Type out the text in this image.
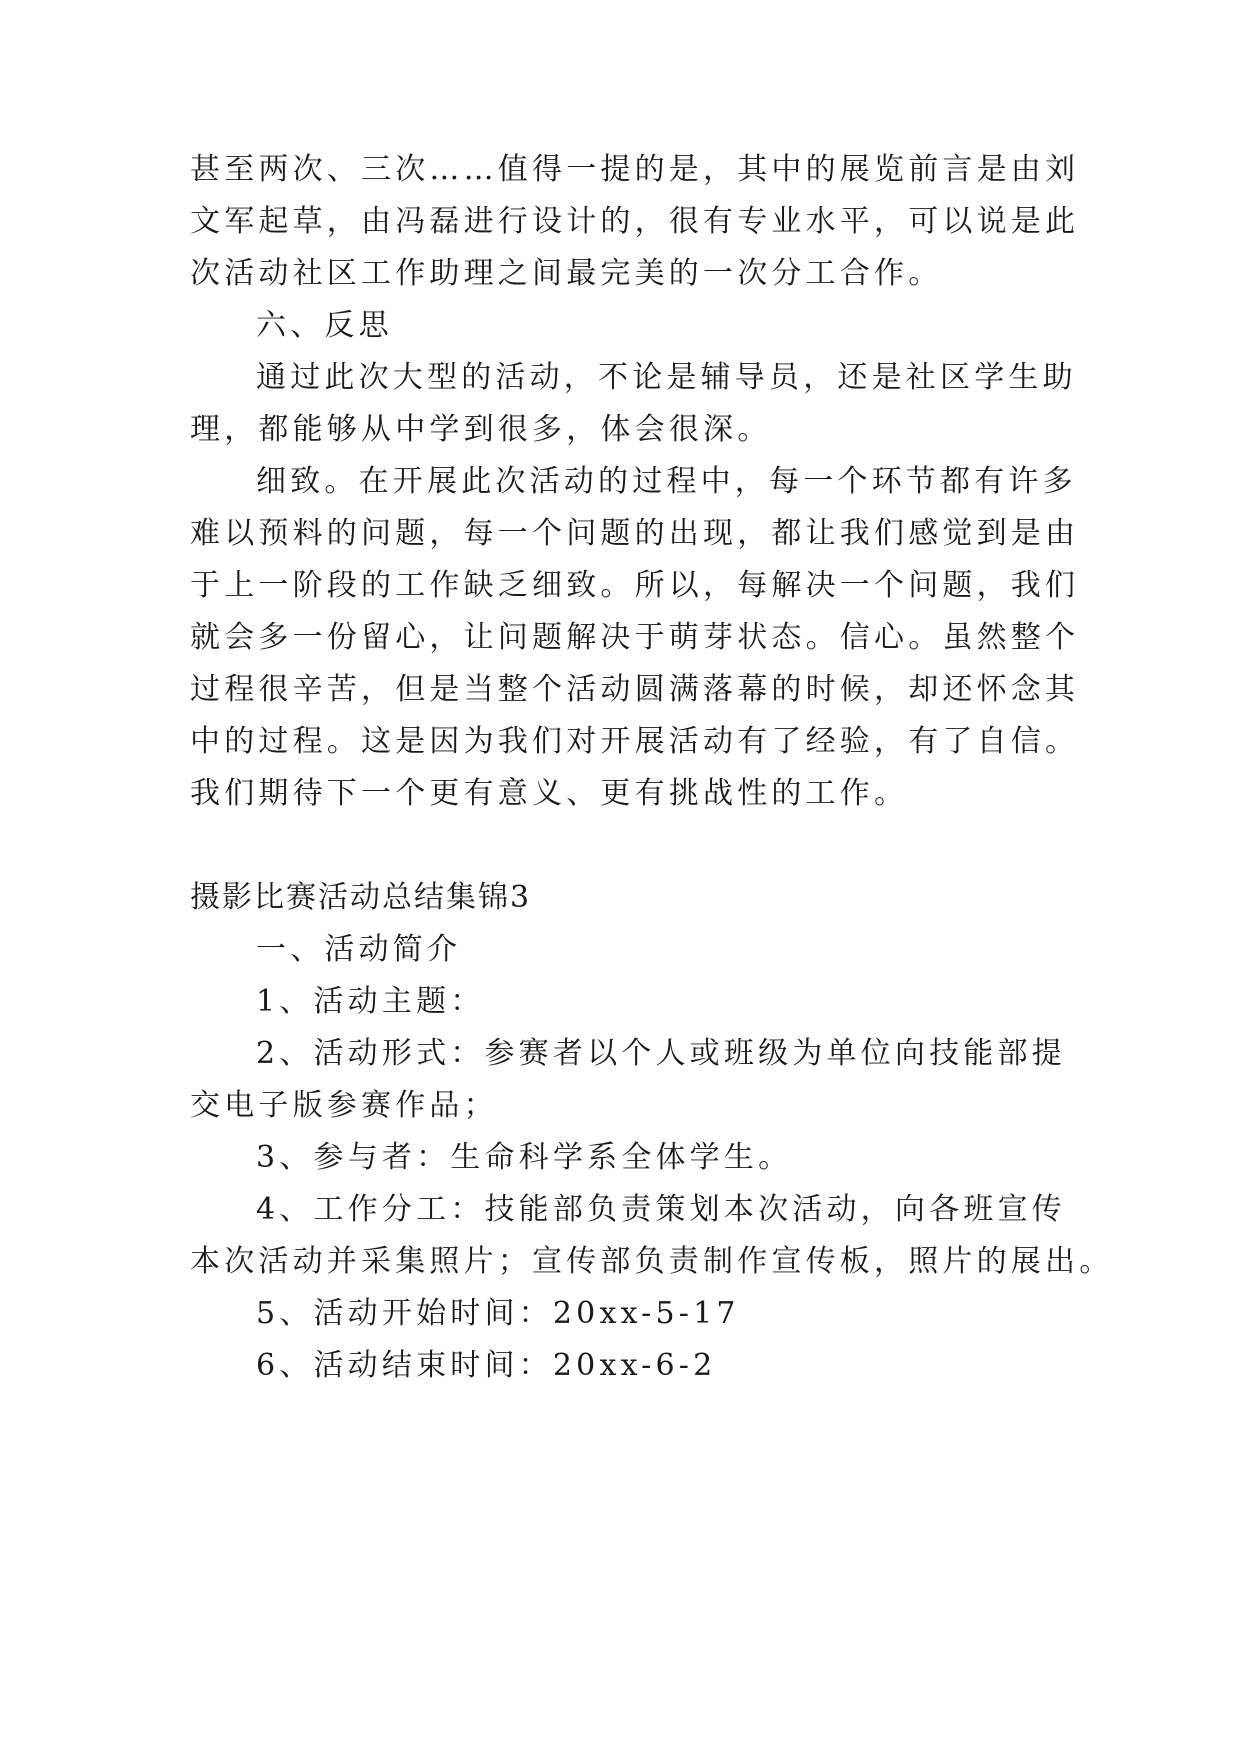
甚至两次、三次……值得一提的是，其中的展览前言是由刘
文军起草，由冯磊进行设计的，很有专业水平，可以说是此
次活动社区工作助理之间最完美的一次分工合作。
六、反思
通过此次大型的活动，不论是辅导员，还是社区学生助
理，都能够从中学到很多，体会很深。
细致。在开展此次活动的过程中，每一个环节都有许多
难以预料的问题，每一个问题的出现，都让我们感觉到是由
于上一阶段的工作缺乏细致。所以，每解决一个问题，我们
就会多一份留心，让问题解决于萌芽状态。信心。虽然整个
过程很辛苦，但是当整个活动圆满落幕的时候，却还怀念其
中的过程。这是因为我们对开展活动有了经验，有了自信。
我们期待下一个更有意义、更有挑战性的工作。
摄影比赛活动总结集锦3
一、活动简介
1、活动主题：
2、活动形式：参赛者以个人或班级为单位向技能部提
交电子版参赛作品；
3、参与者：生命科学系全体学生。
4、工作分工：技能部负责策划本次活动，向各班宣传
本次活动并采集照片；宣传部负责制作宣传板，照片的展出。
5、活动开始时间：20xx-5-17
6、活动结束时间：20xx-6-2
